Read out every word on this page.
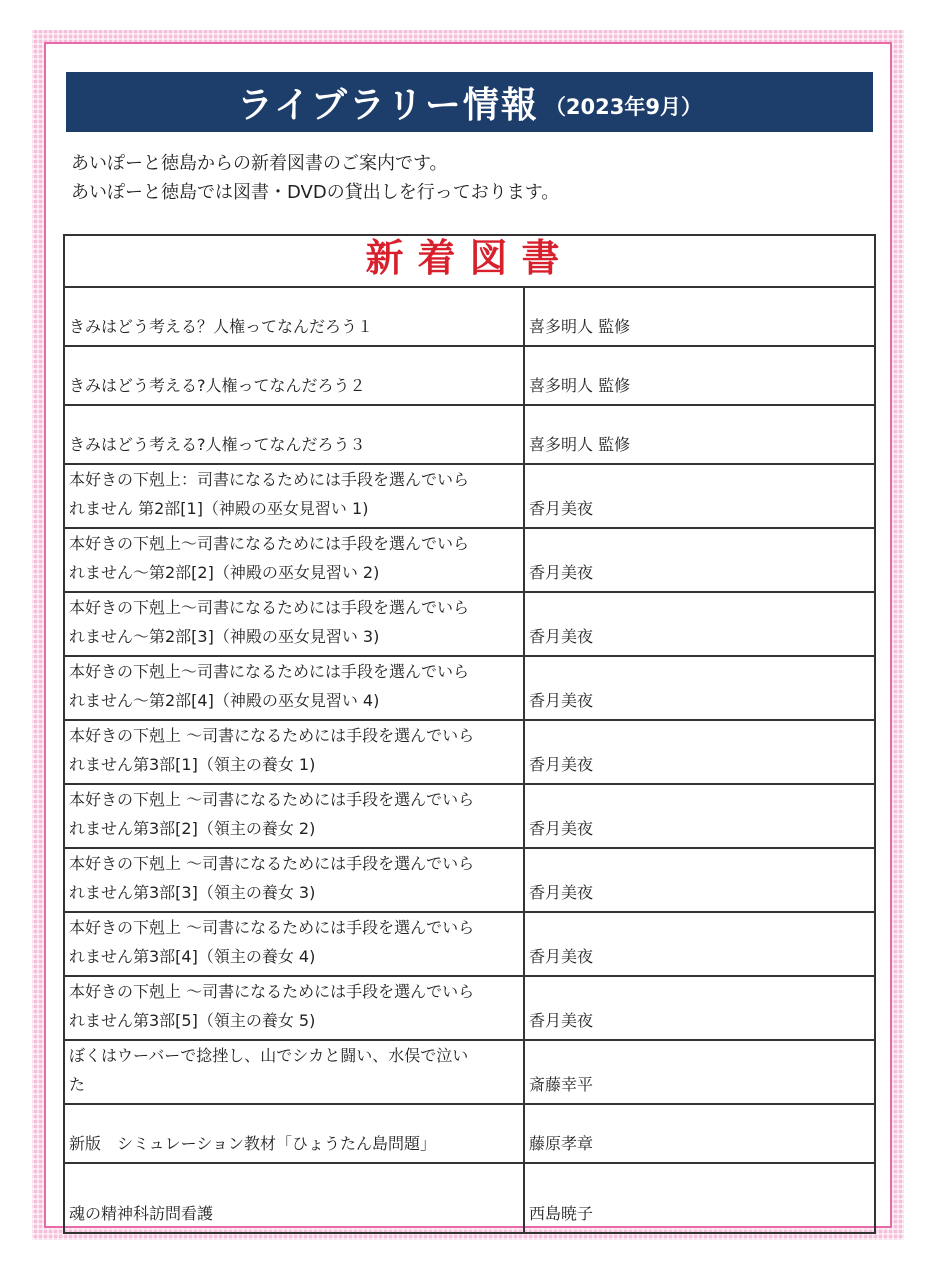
ライブラリー情報 （2023年9月）
あいぽーと徳島からの新着図書のご案内です。
あいぽーと徳島では図書・DVDの貸出しを行っております。
新着図書	

きみはどう考える？人権ってなんだろう１	喜多明人 監修

きみはどう考える?人権ってなんだろう２	喜多明人 監修

きみはどう考える?人権ってなんだろう３	喜多明人 監修

本好きの下剋上：司書になるためには手段を選んでいら
れません 第2部[1]（神殿の巫女見習い 1)	香月美夜

本好きの下剋上～司書になるためには手段を選んでいら
れません～第2部[2]（神殿の巫女見習い 2)	香月美夜

本好きの下剋上～司書になるためには手段を選んでいら
れません～第2部[3]（神殿の巫女見習い 3)	香月美夜

本好きの下剋上～司書になるためには手段を選んでいら
れません～第2部[4]（神殿の巫女見習い 4)	香月美夜

本好きの下剋上 ～司書になるためには手段を選んでいら
れません第3部[1]（領主の養女 1)	香月美夜

本好きの下剋上 ～司書になるためには手段を選んでいら
れません第3部[2]（領主の養女 2)	香月美夜

本好きの下剋上 ～司書になるためには手段を選んでいら
れません第3部[3]（領主の養女 3)	香月美夜

本好きの下剋上 ～司書になるためには手段を選んでいら
れません第3部[4]（領主の養女 4)	香月美夜

本好きの下剋上 ～司書になるためには手段を選んでいら
れません第3部[5]（領主の養女 5)	香月美夜

ぼくはウーバーで捻挫し、山でシカと闘い、水俣で泣い
た	斎藤幸平

新版　シミュレーション教材「ひょうたん島問題」	藤原孝章

魂の精神科訪問看護	西島暁子
